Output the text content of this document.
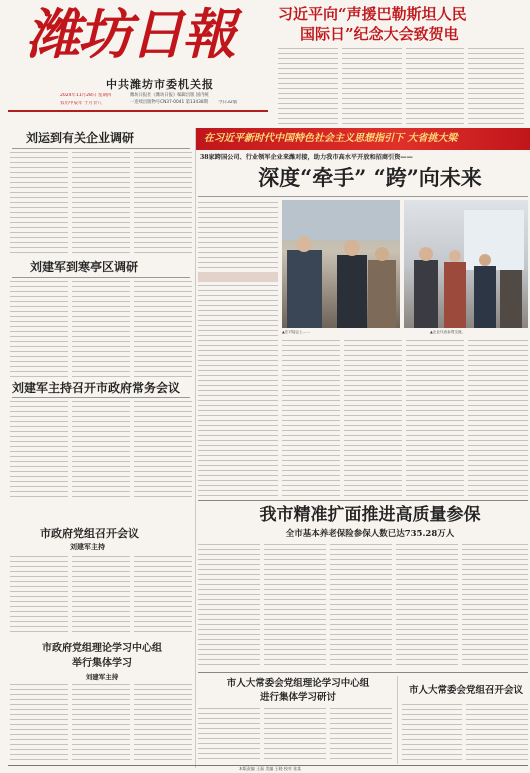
潍坊日報
中共潍坊市委机关报
2024年11月28日 星期四
农历甲辰年 十月廿八
潍坊日报社《潍坊日报》编辑出版 国内统一连续出版物号CN37-0041 第13438期	今日32版
习近平向“声援巴勒斯坦人民
国际日”纪念大会致贺电
在习近平新时代中国特色社会主义思想指引下 大省挑大梁
刘运到有关企业调研
刘建军到寒亭区调研
刘建军主持召开市政府常务会议
38家跨国公司、行业领军企业来潍对接，助力我市高水平开放和招商引资——
深度“牵手” “跨”向未来
▲在对接会上……	▲企业代表参观交流。
我市精准扩面推进高质量参保
全市基本养老保险参保人数已达735.28万人
市政府党组召开会议
刘建军主持
市政府党组理论学习中心组
举行集体学习
刘建军主持
市人大常委会党组理论学习中心组
进行集体学习研讨
市人大常委会党组召开会议
本版责编 王磊 美编 王晓 校对 张某
